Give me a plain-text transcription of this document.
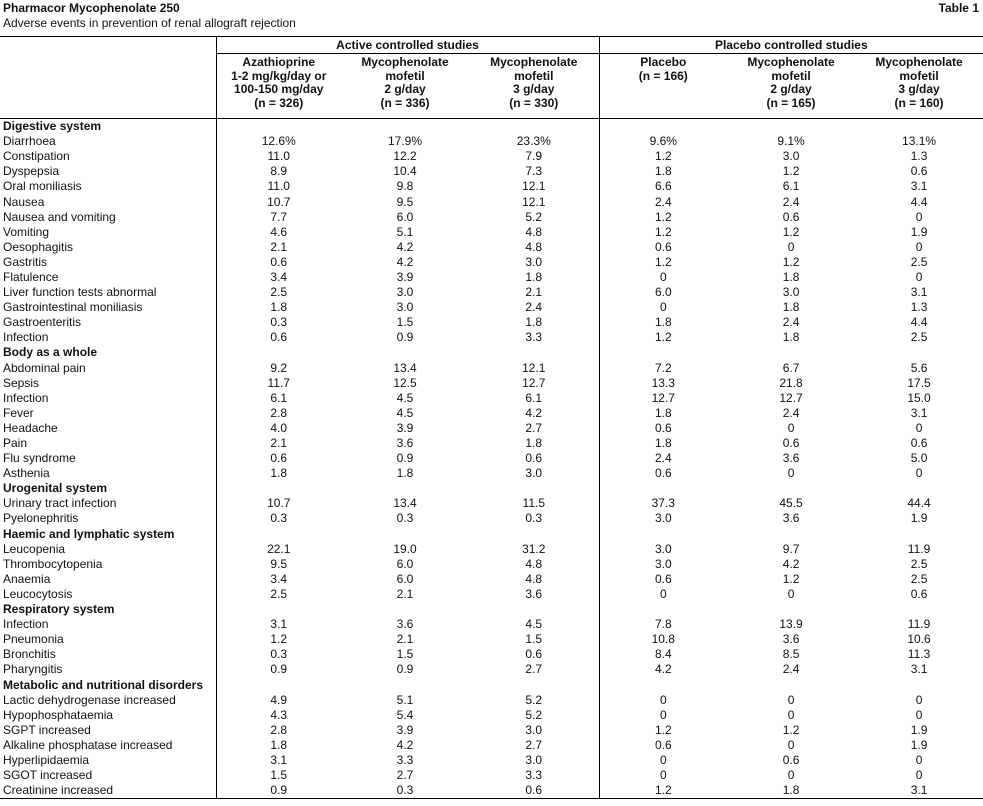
Pharmacor Mycophenolate 250	Table 1
Adverse events in prevention of renal allograft rejection
	Active controlled studies			Placebo controlled studies		
	Azathioprine
1-2 mg/kg/day or
100-150 mg/day
(n = 326)	Mycophenolate
mofetil
2 g/day
(n = 336)	Mycophenolate
mofetil
3 g/day
(n = 330)	Placebo
(n = 166)	Mycophenolate
mofetil
2 g/day
(n = 165)	Mycophenolate
mofetil
3 g/day
(n = 160)
Digestive system						
Diarrhoea	12.6%	17.9%	23.3%	9.6%	9.1%	13.1%
Constipation	11.0	12.2	7.9	1.2	3.0	1.3
Dyspepsia	8.9	10.4	7.3	1.8	1.2	0.6
Oral moniliasis	11.0	9.8	12.1	6.6	6.1	3.1
Nausea	10.7	9.5	12.1	2.4	2.4	4.4
Nausea and vomiting	7.7	6.0	5.2	1.2	0.6	0
Vomiting	4.6	5.1	4.8	1.2	1.2	1.9
Oesophagitis	2.1	4.2	4.8	0.6	0	0
Gastritis	0.6	4.2	3.0	1.2	1.2	2.5
Flatulence	3.4	3.9	1.8	0	1.8	0
Liver function tests abnormal	2.5	3.0	2.1	6.0	3.0	3.1
Gastrointestinal moniliasis	1.8	3.0	2.4	0	1.8	1.3
Gastroenteritis	0.3	1.5	1.8	1.8	2.4	4.4
Infection	0.6	0.9	3.3	1.2	1.8	2.5
Body as a whole						
Abdominal pain	9.2	13.4	12.1	7.2	6.7	5.6
Sepsis	11.7	12.5	12.7	13.3	21.8	17.5
Infection	6.1	4.5	6.1	12.7	12.7	15.0
Fever	2.8	4.5	4.2	1.8	2.4	3.1
Headache	4.0	3.9	2.7	0.6	0	0
Pain	2.1	3.6	1.8	1.8	0.6	0.6
Flu syndrome	0.6	0.9	0.6	2.4	3.6	5.0
Asthenia	1.8	1.8	3.0	0.6	0	0
Urogenital system						
Urinary tract infection	10.7	13.4	11.5	37.3	45.5	44.4
Pyelonephritis	0.3	0.3	0.3	3.0	3.6	1.9
Haemic and lymphatic system						
Leucopenia	22.1	19.0	31.2	3.0	9.7	11.9
Thrombocytopenia	9.5	6.0	4.8	3.0	4.2	2.5
Anaemia	3.4	6.0	4.8	0.6	1.2	2.5
Leucocytosis	2.5	2.1	3.6	0	0	0.6
Respiratory system						
Infection	3.1	3.6	4.5	7.8	13.9	11.9
Pneumonia	1.2	2.1	1.5	10.8	3.6	10.6
Bronchitis	0.3	1.5	0.6	8.4	8.5	11.3
Pharyngitis	0.9	0.9	2.7	4.2	2.4	3.1
Metabolic and nutritional disorders						
Lactic dehydrogenase increased	4.9	5.1	5.2	0	0	0
Hypophosphataemia	4.3	5.4	5.2	0	0	0
SGPT increased	2.8	3.9	3.0	1.2	1.2	1.9
Alkaline phosphatase increased	1.8	4.2	2.7	0.6	0	1.9
Hyperlipidaemia	3.1	3.3	3.0	0	0.6	0
SGOT increased	1.5	2.7	3.3	0	0	0
Creatinine increased	0.9	0.3	0.6	1.2	1.8	3.1
